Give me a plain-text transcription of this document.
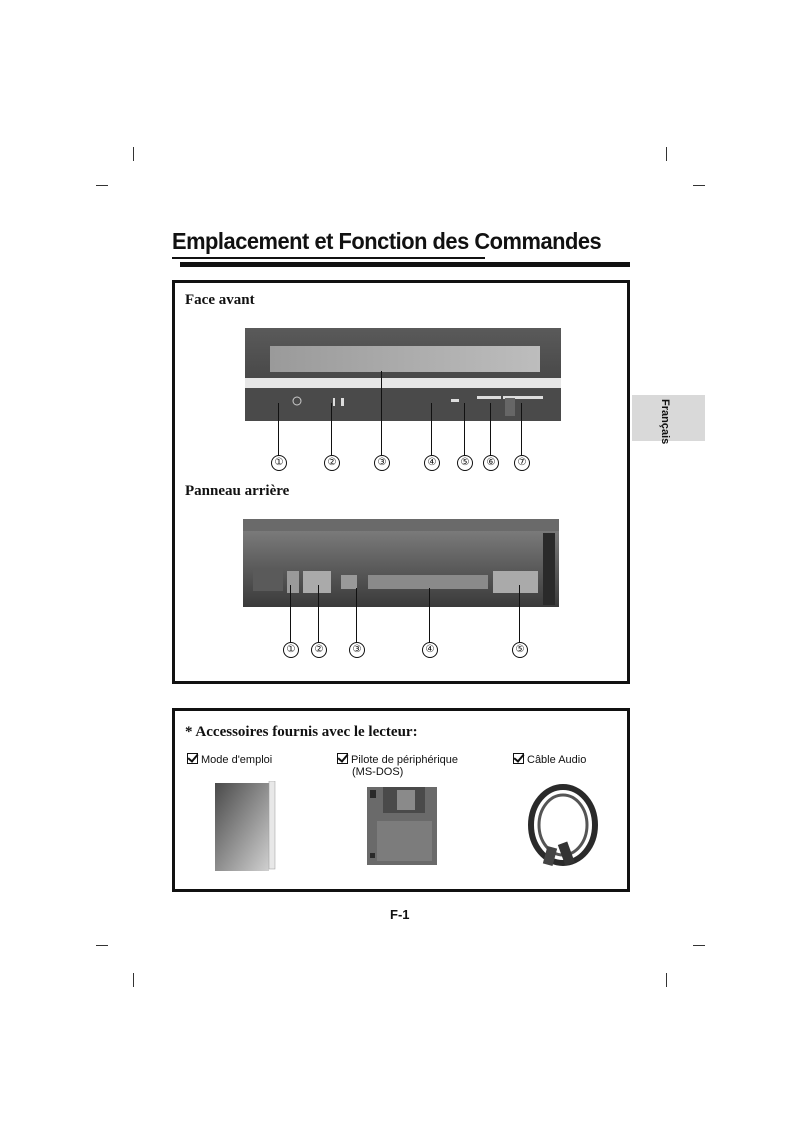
Emplacement et Fonction des Commandes
Français
Face avant
①	②	③	④	⑤	⑥	⑦
Panneau arrière
①	②	③	④	⑤
* Accessoires fournis avec le lecteur:
Mode d'emploi	Pilote de périphérique
(MS-DOS)
Câble Audio
F-1
